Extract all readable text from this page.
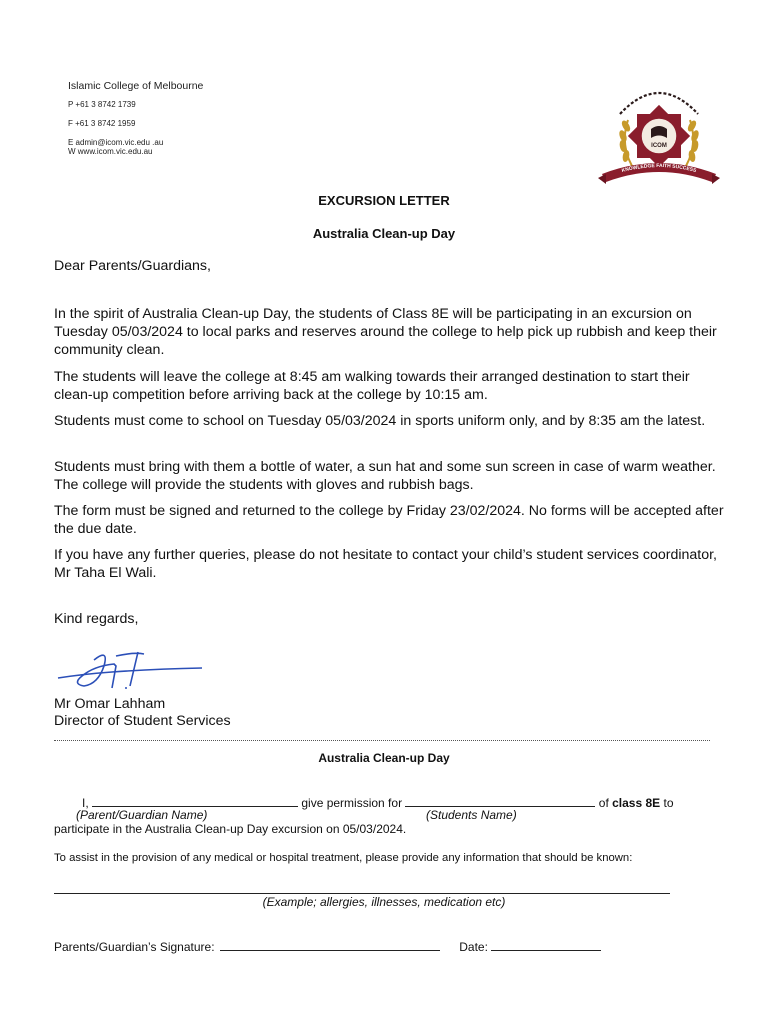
Islamic College of Melbourne
P +61 3 8742 1739
F +61 3 8742 1959
E admin@icom.vic.edu .au
W www.icom.vic.edu.au
ICOM
KNOWLEDGE FAITH SUCCESS
EXCURSION LETTER
Australia Clean-up Day
Dear Parents/Guardians,
In the spirit of Australia Clean-up Day, the students of Class 8E will be participating in an excursion on Tuesday 05/03/2024 to local parks and reserves around the college to help pick up rubbish and keep their community clean.
The students will leave the college at 8:45 am walking towards their arranged destination to start their clean-up competition before arriving back at the college by 10:15 am.
Students must come to school on Tuesday 05/03/2024 in sports uniform only, and by 8:35 am the latest.
Students must bring with them a bottle of water, a sun hat and some sun screen in case of warm weather. The college will provide the students with gloves and rubbish bags.
The form must be signed and returned to the college by Friday 23/02/2024. No forms will be accepted after the due date.
If you have any further queries, please do not hesitate to contact your child’s student services coordinator, Mr Taha El Wali.
Kind regards,
Mr Omar Lahham
Director of Student Services
Australia Clean-up Day
I,	give permission for	of class 8E to
(Parent/Guardian Name)	(Students Name)
participate in the Australia Clean-up Day excursion on 05/03/2024.
To assist in the provision of any medical or hospital treatment, please provide any information that should be known:
(Example; allergies, illnesses, medication etc)
Parents/Guardian’s Signature:	Date:
